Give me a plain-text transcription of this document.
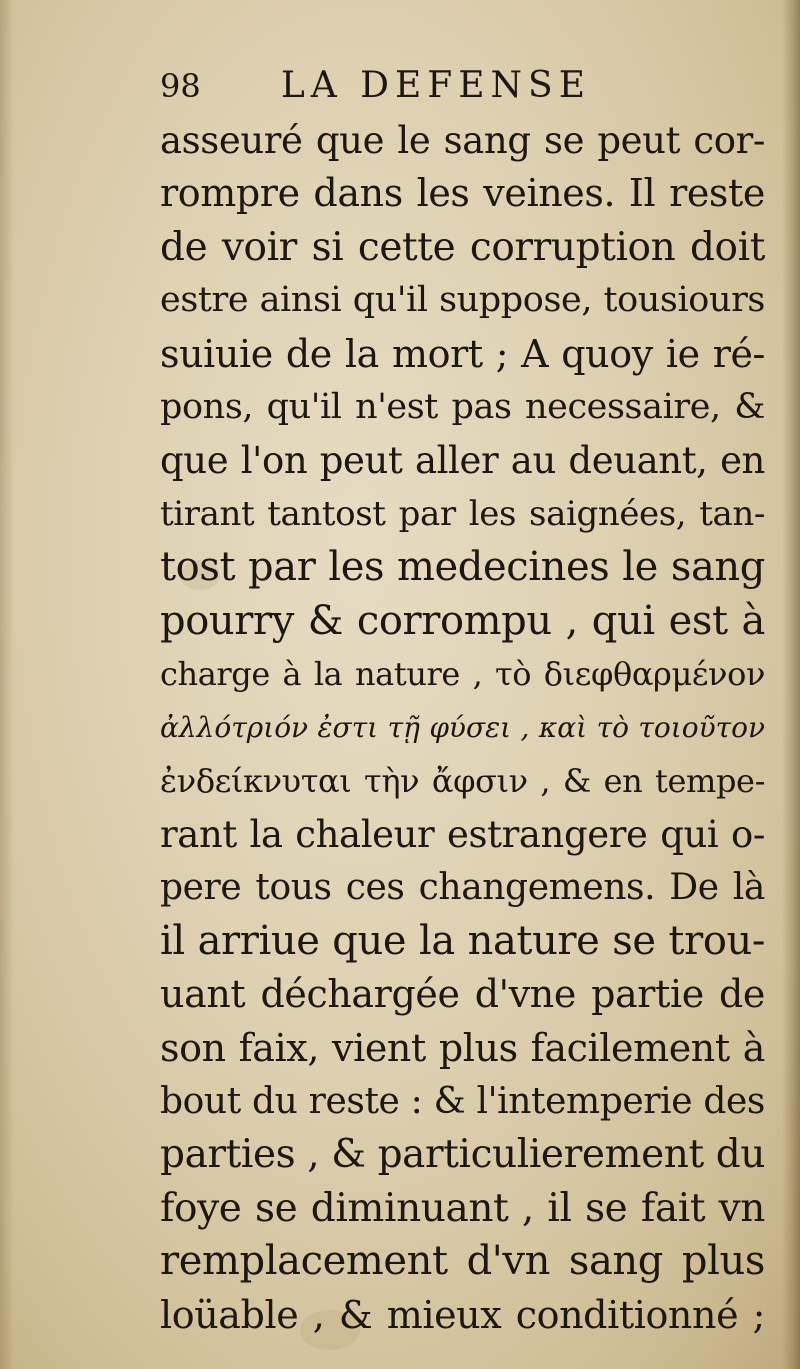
98 LA DEFENSE
asseuré que le sang se peut cor-
rompre dans les veines. Il reste
de voir si cette corruption doit
estre ainsi qu'il suppose, tousiours
suiuie de la mort ; A quoy ie ré-
pons, qu'il n'est pas necessaire, &
que l'on peut aller au deuant, en
tirant tantost par les saignées, tan-
tost par les medecines le sang
pourry & corrompu , qui est à
charge à la nature , τὸ διεφθαρμένον
ἀλλότριόν ἐστι τῇ φύσει , καὶ τὸ τοιοῦτον
ἐνδείκνυται τὴν ἄφσιν , & en tempe-
rant la chaleur estrangere qui o-
pere tous ces changemens. De là
il arriue que la nature se trou-
uant déchargée d'vne partie de
son faix, vient plus facilement à
bout du reste : & l'intemperie des
parties , & particulierement du
foye se diminuant , il se fait vn
remplacement d'vn sang plus
loüable , & mieux conditionné ;
